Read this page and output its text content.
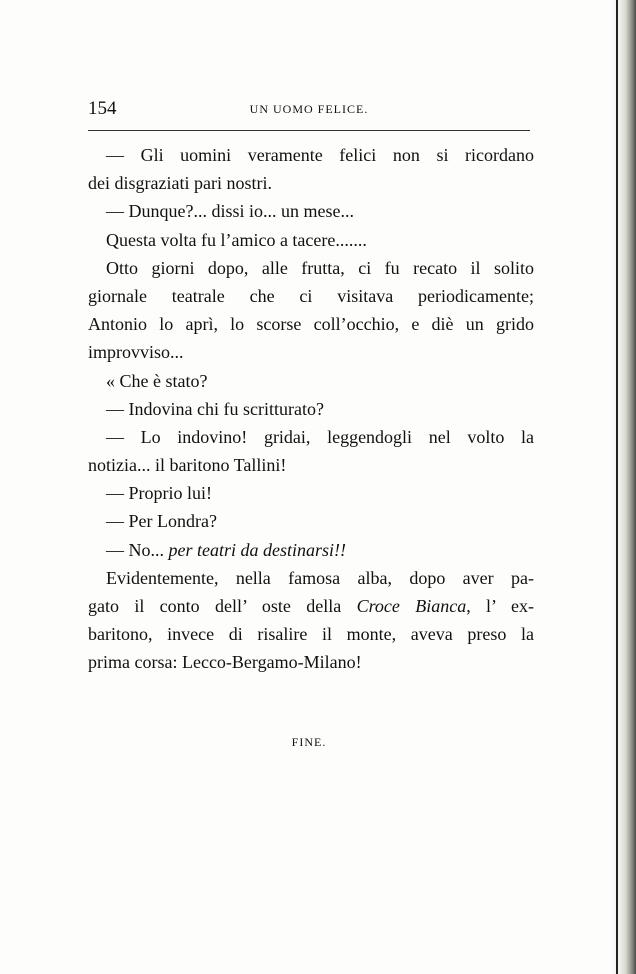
154	UN UOMO FELICE.
— Gli uomini veramente felici non si ricordano
dei disgraziati pari nostri.
— Dunque?... dissi io... un mese...
Questa volta fu l’amico a tacere.......
Otto giorni dopo, alle frutta, ci fu recato il solito
giornale teatrale che ci visitava periodicamente;
Antonio lo aprì, lo scorse coll’occhio, e diè un grido
improvviso...
« Che è stato?
— Indovina chi fu scritturato?
— Lo indovino! gridai, leggendogli nel volto la
notizia... il baritono Tallini!
— Proprio lui!
— Per Londra?
— No... per teatri da destinarsi!!
Evidentemente, nella famosa alba, dopo aver pa-
gato il conto dell’ oste della Croce Bianca, l’ ex-
baritono, invece di risalire il monte, aveva preso la
prima corsa: Lecco-Bergamo-Milano!
FINE.
